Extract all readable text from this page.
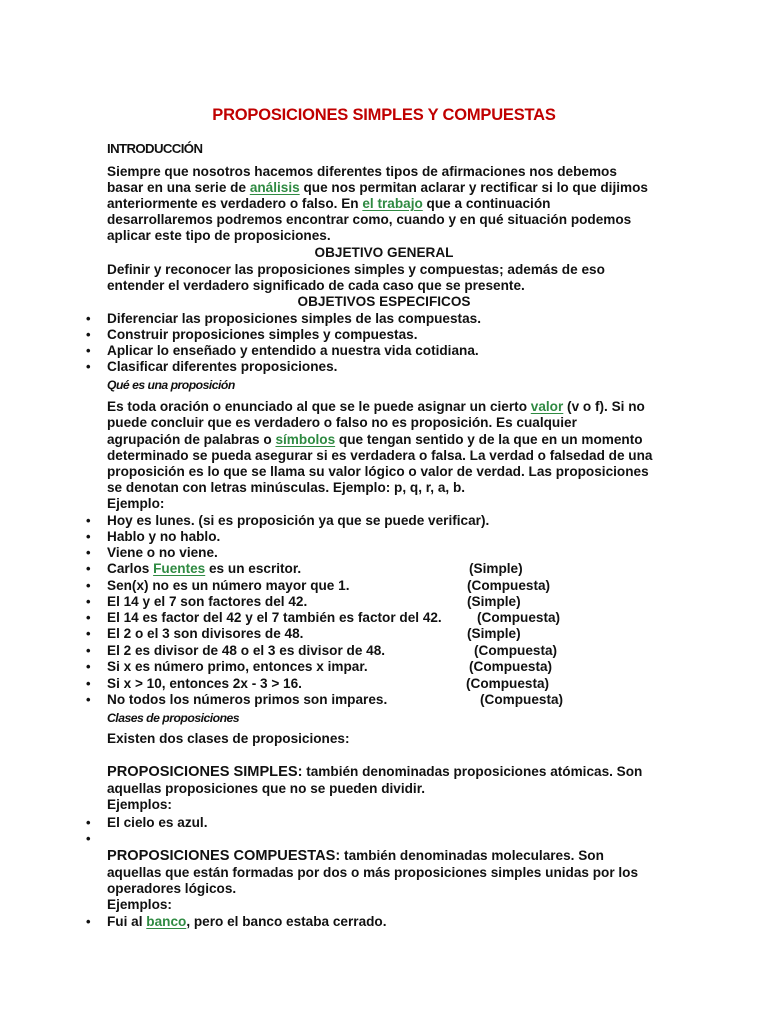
PROPOSICIONES SIMPLES Y COMPUESTAS
INTRODUCCIÓN
Siempre que nosotros hacemos diferentes tipos de afirmaciones nos debemos
basar en una serie de análisis que nos permitan aclarar y rectificar si lo que dijimos
anteriormente es verdadero o falso. En el trabajo que a continuación
desarrollaremos podremos encontrar como, cuando y en qué situación podemos
aplicar este tipo de proposiciones.
OBJETIVO GENERAL
Definir y reconocer las proposiciones simples y compuestas; además de eso
entender el verdadero significado de cada caso que se presente.
OBJETIVOS ESPECIFICOS
• Diferenciar las proposiciones simples de las compuestas.
• Construir proposiciones simples y compuestas.
• Aplicar lo enseñado y entendido a nuestra vida cotidiana.
• Clasificar diferentes proposiciones.
Qué es una proposición
Es toda oración o enunciado al que se le puede asignar un cierto valor (v o f). Si no
puede concluir que es verdadero o falso no es proposición. Es cualquier
agrupación de palabras o símbolos que tengan sentido y de la que en un momento
determinado se pueda asegurar si es verdadera o falsa. La verdad o falsedad de una
proposición es lo que se llama su valor lógico o valor de verdad. Las proposiciones
se denotan con letras minúsculas. Ejemplo: p, q, r, a, b.
Ejemplo:
• Hoy es lunes. (si es proposición ya que se puede verificar).
• Hablo y no hablo.
• Viene o no viene.
• Carlos Fuentes es un escritor.	(Simple)
• Sen(x) no es un número mayor que 1.	(Compuesta)
• El 14 y el 7 son factores del 42.	(Simple)
• El 14 es factor del 42 y el 7 también es factor del 42.	(Compuesta)
• El 2 o el 3 son divisores de 48.	(Simple)
• El 2 es divisor de 48 o el 3 es divisor de 48.	(Compuesta)
• Si x es número primo, entonces x impar.	(Compuesta)
• Si x > 10, entonces 2x - 3 > 16.	(Compuesta)
• No todos los números primos son impares.	(Compuesta)
Clases de proposiciones
Existen dos clases de proposiciones:
PROPOSICIONES SIMPLES: también denominadas proposiciones atómicas. Son
aquellas proposiciones que no se pueden dividir.
Ejemplos:
• El cielo es azul.
•
PROPOSICIONES COMPUESTAS: también denominadas moleculares. Son
aquellas que están formadas por dos o más proposiciones simples unidas por los
operadores lógicos.
Ejemplos:
• Fui al banco, pero el banco estaba cerrado.
